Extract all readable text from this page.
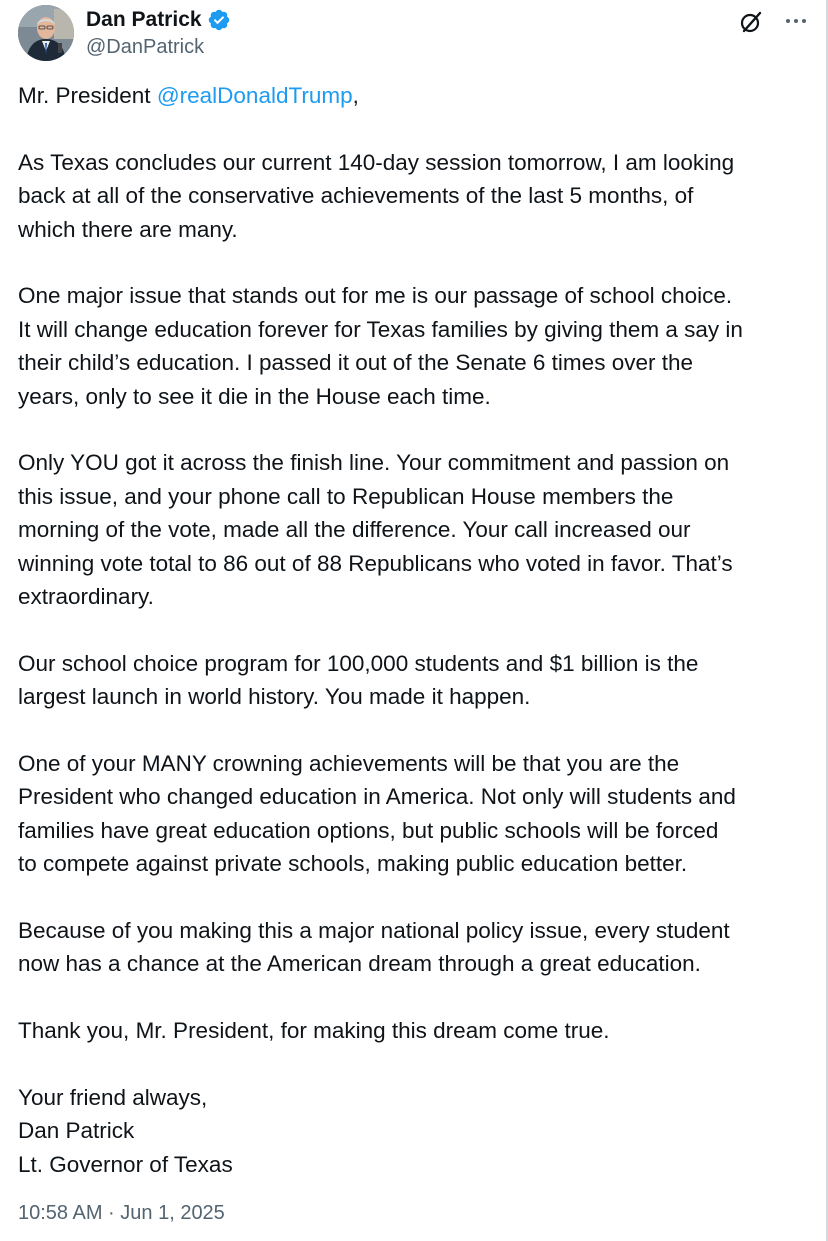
Dan Patrick
@DanPatrick

Mr. President @realDonaldTrump,

As Texas concludes our current 140-day session tomorrow, I am looking
back at all of the conservative achievements of the last 5 months, of
which there are many.

One major issue that stands out for me is our passage of school choice.
It will change education forever for Texas families by giving them a say in
their child’s education. I passed it out of the Senate 6 times over the
years, only to see it die in the House each time.

Only YOU got it across the finish line. Your commitment and passion on
this issue, and your phone call to Republican House members the
morning of the vote, made all the difference. Your call increased our
winning vote total to 86 out of 88 Republicans who voted in favor. That’s
extraordinary.

Our school choice program for 100,000 students and $1 billion is the
largest launch in world history. You made it happen.

One of your MANY crowning achievements will be that you are the
President who changed education in America. Not only will students and
families have great education options, but public schools will be forced
to compete against private schools, making public education better.

Because of you making this a major national policy issue, every student
now has a chance at the American dream through a great education.

Thank you, Mr. President, for making this dream come true.

Your friend always,
Dan Patrick
Lt. Governor of Texas

10:58 AM · Jun 1, 2025
